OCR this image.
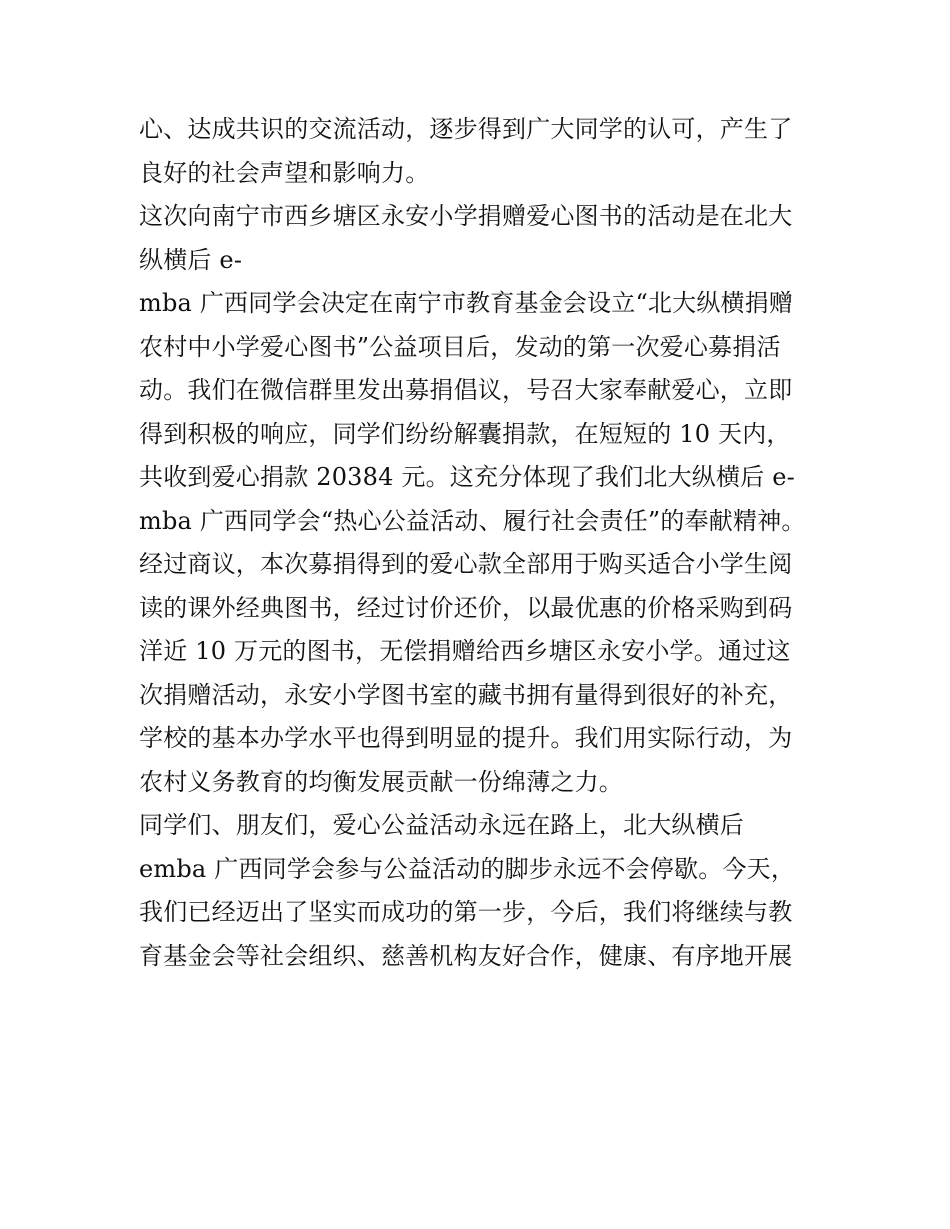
心、达成共识的交流活动，逐步得到广大同学的认可，产生了
良好的社会声望和影响力。
这次向南宁市西乡塘区永安小学捐赠爱心图书的活动是在北大
纵横后 e-
mba 广西同学会决定在南宁市教育基金会设立“北大纵横捐赠
农村中小学爱心图书”公益项目后，发动的第一次爱心募捐活
动。我们在微信群里发出募捐倡议，号召大家奉献爱心，立即
得到积极的响应，同学们纷纷解囊捐款，在短短的 10 天内，
共收到爱心捐款 20384 元。这充分体现了我们北大纵横后 e-
mba 广西同学会“热心公益活动、履行社会责任”的奉献精神。
经过商议，本次募捐得到的爱心款全部用于购买适合小学生阅
读的课外经典图书，经过讨价还价，以最优惠的价格采购到码
洋近 10 万元的图书，无偿捐赠给西乡塘区永安小学。通过这
次捐赠活动，永安小学图书室的藏书拥有量得到很好的补充，
学校的基本办学水平也得到明显的提升。我们用实际行动，为
农村义务教育的均衡发展贡献一份绵薄之力。
同学们、朋友们，爱心公益活动永远在路上，北大纵横后
emba 广西同学会参与公益活动的脚步永远不会停歇。今天，
我们已经迈出了坚实而成功的第一步，今后，我们将继续与教
育基金会等社会组织、慈善机构友好合作，健康、有序地开展
